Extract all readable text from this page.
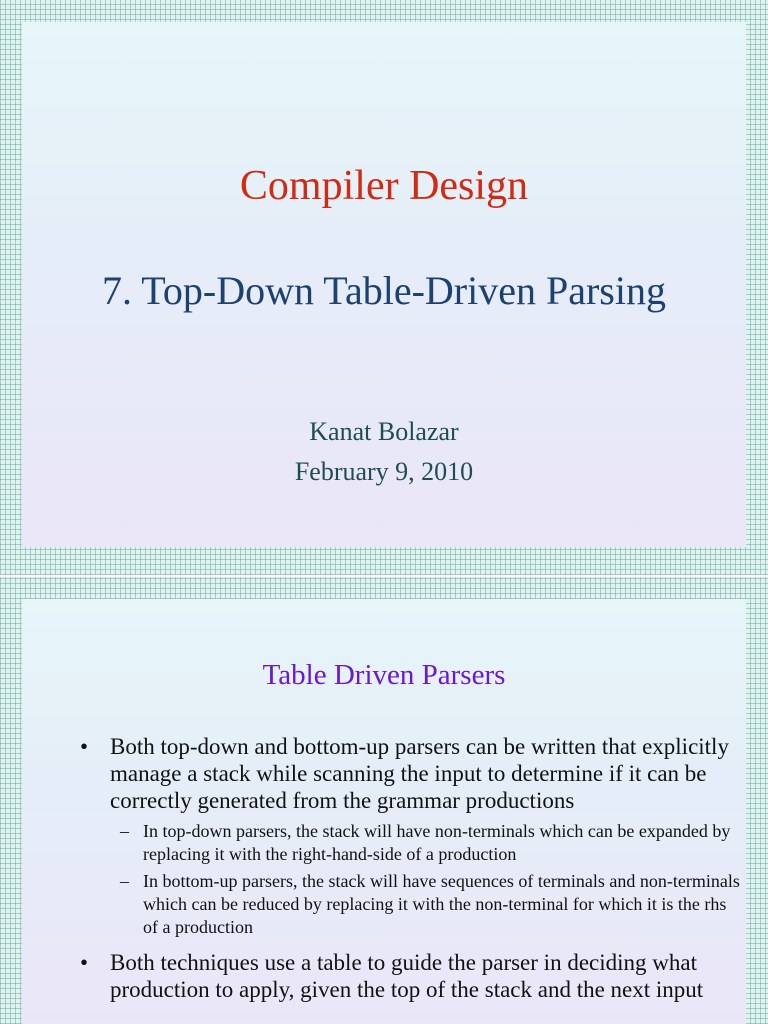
Compiler Design
7. Top-Down Table-Driven Parsing
Kanat Bolazar
February 9, 2010
Table Driven Parsers
• Both top-down and bottom-up parsers can be written that explicitly manage a stack while scanning the input to determine if it can be correctly generated from the grammar productions
– In top-down parsers, the stack will have non-terminals which can be expanded by replacing it with the right-hand-side of a production
– In bottom-up parsers, the stack will have sequences of terminals and non-terminals which can be reduced by replacing it with the non-terminal for which it is the rhs of a production
• Both techniques use a table to guide the parser in deciding what production to apply, given the top of the stack and the next input
